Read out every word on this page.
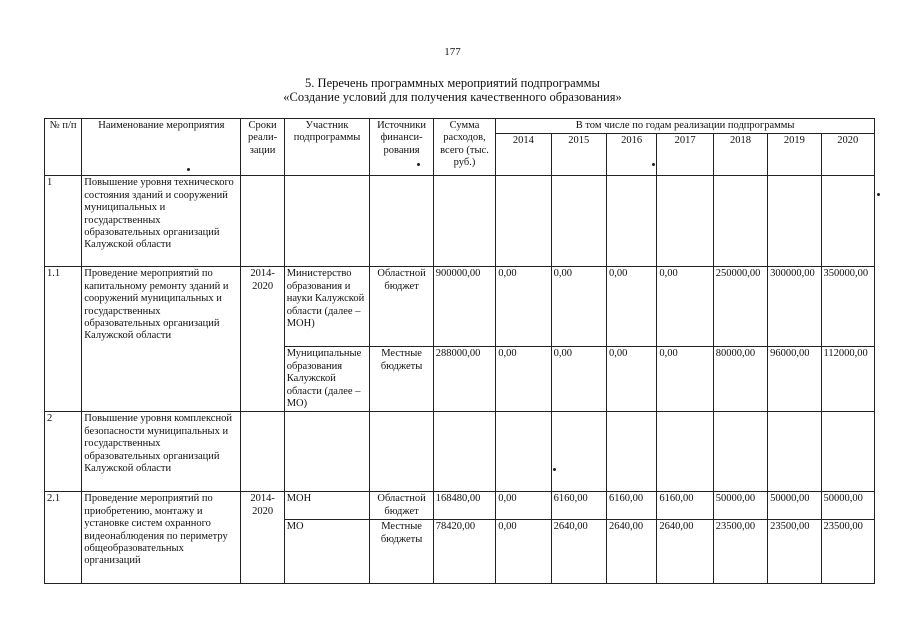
177
5. Перечень программных мероприятий подпрограммы
«Создание условий для получения качественного образования»
№ п/п	Наименование мероприятия	Сроки реали-зации	Участник подпрограммы	Источники финанси-рования	Сумма расходов, всего (тыс. руб.)	В том числе по годам реализации подпрограммы						
						2014	2015	2016	2017	2018	2019	2020
1	Повышение уровня технического состояния зданий и сооружений муниципальных и государственных образовательных организаций Калужской области											
1.1	Проведение мероприятий по капитальному ремонту зданий и сооружений муниципальных и государственных образовательных организаций Калужской области	2014-2020	Министерство образования и науки Калужской области (далее – МОН)	Областной бюджет	900000,00	0,00	0,00	0,00	0,00	250000,00	300000,00	350000,00
			Муниципальные образования Калужской области (далее – МО)	Местные бюджеты	288000,00	0,00	0,00	0,00	0,00	80000,00	96000,00	112000,00
2	Повышение уровня комплексной безопасности муниципальных и государственных образовательных организаций Калужской области											
2.1	Проведение мероприятий по приобретению, монтажу и установке систем охранного видеонаблюдения по периметру общеобразовательных организаций	2014-2020	МОН	Областной бюджет	168480,00	0,00	6160,00	6160,00	6160,00	50000,00	50000,00	50000,00
			МО	Местные бюджеты	78420,00	0,00	2640,00	2640,00	2640,00	23500,00	23500,00	23500,00
